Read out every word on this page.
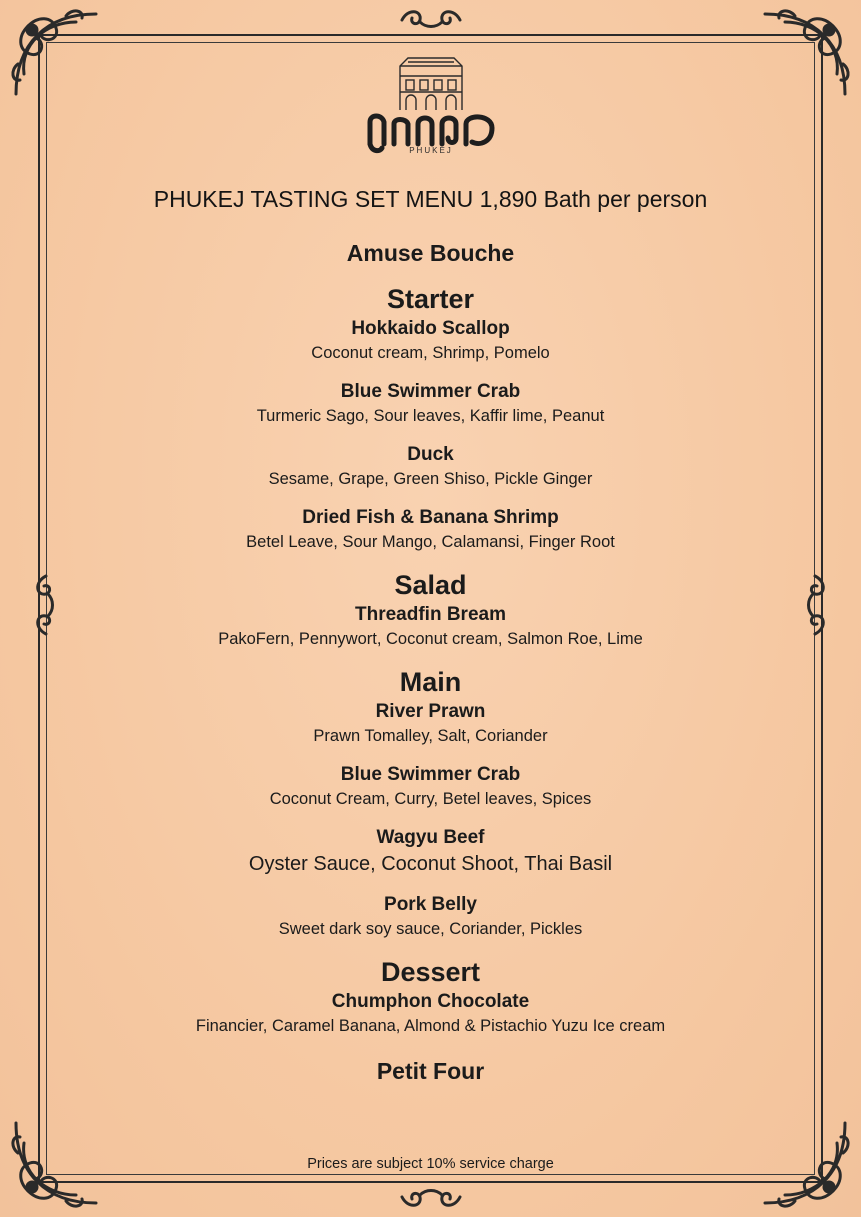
PHUKEJ
PHUKEJ TASTING SET MENU 1,890 Bath per person
Amuse Bouche
Starter
Hokkaido Scallop
Coconut cream, Shrimp, Pomelo
Blue Swimmer Crab
Turmeric Sago, Sour leaves, Kaffir lime, Peanut
Duck
Sesame, Grape, Green Shiso, Pickle Ginger
Dried Fish & Banana Shrimp
Betel Leave, Sour Mango, Calamansi, Finger Root
Salad
Threadfin Bream
PakoFern, Pennywort, Coconut cream, Salmon Roe, Lime
Main
River Prawn
Prawn Tomalley, Salt, Coriander
Blue Swimmer Crab
Coconut Cream, Curry, Betel leaves, Spices
Wagyu Beef
Oyster Sauce, Coconut Shoot, Thai Basil
Pork Belly
Sweet dark soy sauce, Coriander, Pickles
Dessert
Chumphon Chocolate
Financier, Caramel Banana, Almond & Pistachio Yuzu Ice cream
Petit Four
Prices are subject 10% service charge
